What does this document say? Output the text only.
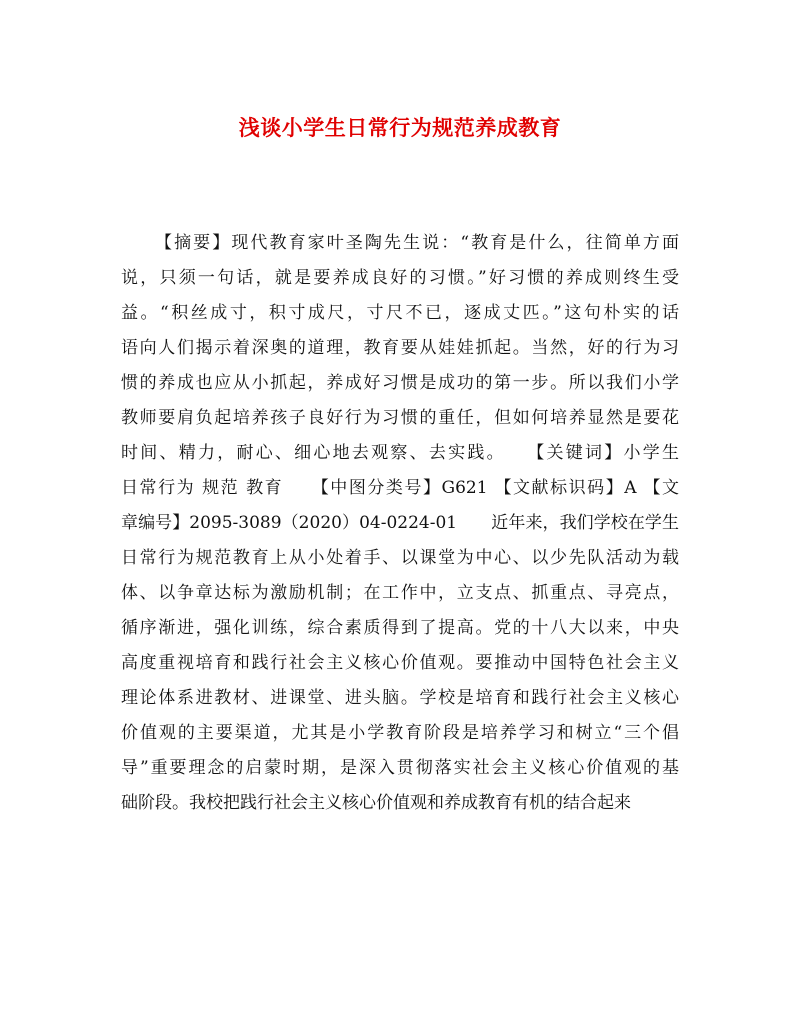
浅谈小学生日常行为规范养成教育
【摘要】现代教育家叶圣陶先生说：“教育是什么，往简单方面
说，只须一句话，就是要养成良好的习惯。”好习惯的养成则终生受
益。“积丝成寸，积寸成尺，寸尺不已，逐成丈匹。”这句朴实的话
语向人们揭示着深奥的道理，教育要从娃娃抓起。当然，好的行为习
惯的养成也应从小抓起，养成好习惯是成功的第一步。所以我们小学
教师要肩负起培养孩子良好行为习惯的重任，但如何培养显然是要花
时间、精力，耐心、细心地去观察、去实践。　　【关键词】小学生
日常行为 规范 教育　　【中图分类号】G621 【文献标识码】A 【文
章编号】2095-3089（2020）04-0224-01　　近年来，我们学校在学生
日常行为规范教育上从小处着手、以课堂为中心、以少先队活动为载
体、以争章达标为激励机制；在工作中，立支点、抓重点、寻亮点，
循序渐进，强化训练，综合素质得到了提高。党的十八大以来，中央
高度重视培育和践行社会主义核心价值观。要推动中国特色社会主义
理论体系进教材、进课堂、进头脑。学校是培育和践行社会主义核心
价值观的主要渠道，尤其是小学教育阶段是培养学习和树立“三个倡
导”重要理念的启蒙时期，是深入贯彻落实社会主义核心价值观的基
础阶段。我校把践行社会主义核心价值观和养成教育有机的结合起来
